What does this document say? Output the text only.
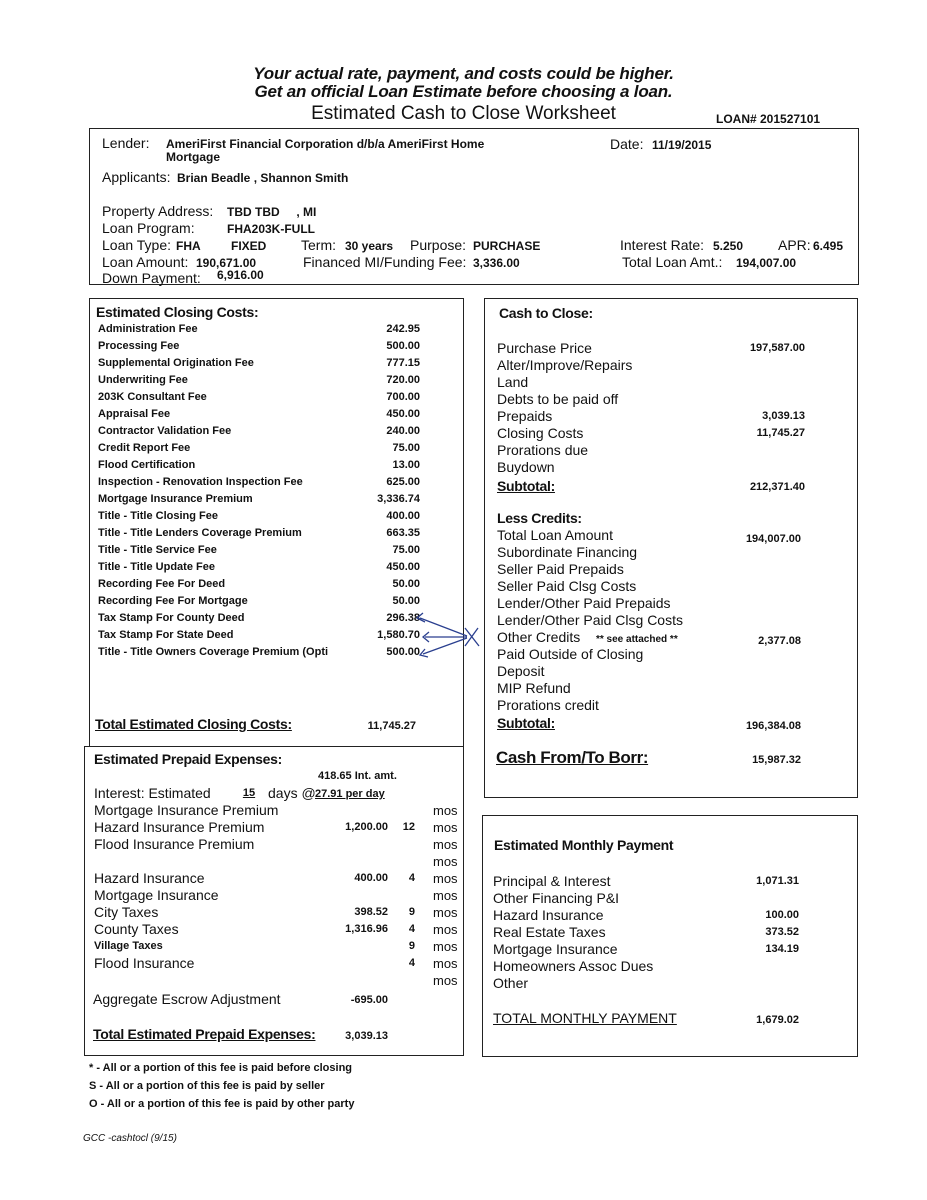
Your actual rate, payment, and costs could be higher.
Get an official Loan Estimate before choosing a loan.
Estimated Cash to Close Worksheet	LOAN# 201527101
Lender: AmeriFirst Financial Corporation d/b/a AmeriFirst Home
Mortgage
Date: 11/19/2015
Applicants: Brian Beadle , Shannon Smith
Property Address: TBD TBD     , MI
Loan Program:	FHA203K-FULL
Loan Type: FHA	FIXED Term: 30 years Purpose: PURCHASE	Interest Rate: 5.250 APR: 6.495
Loan Amount: 190,671.00	Financed MI/Funding Fee: 3,336.00	Total Loan Amt.: 194,007.00
Down Payment: 6,916.00
Estimated Closing Costs:
Administration Fee	242.95
Processing Fee	500.00
Supplemental Origination Fee	777.15
Underwriting Fee	720.00
203K Consultant Fee	700.00
Appraisal Fee	450.00
Contractor Validation Fee	240.00
Credit Report Fee	75.00
Flood Certification	13.00
Inspection - Renovation Inspection Fee	625.00
Mortgage Insurance Premium	3,336.74
Title - Title Closing Fee	400.00
Title - Title Lenders Coverage Premium	663.35
Title - Title Service Fee	75.00
Title - Title Update Fee	450.00
Recording Fee For Deed	50.00
Recording Fee For Mortgage	50.00
Tax Stamp For County Deed	296.38
Tax Stamp For State Deed	1,580.70
Title - Title Owners Coverage Premium (Opti	500.00
Total Estimated Closing Costs:	11,745.27
Estimated Prepaid Expenses:
418.65 Int. amt.
Interest: Estimated	15 days @ 27.91 per day
Mortgage Insurance Premium	mos
Hazard Insurance Premium	1,200.00	12 mos
Flood Insurance Premium	mos
mos
Hazard Insurance	400.00	4 mos
Mortgage Insurance	mos
City Taxes	398.52	9 mos
County Taxes	1,316.96	4 mos
Village Taxes	9 mos
Flood Insurance	4 mos
mos
Aggregate Escrow Adjustment	-695.00
Total Estimated Prepaid Expenses:	3,039.13
Cash to Close:
Purchase Price	197,587.00
Alter/Improve/Repairs
Land
Debts to be paid off
Prepaids	3,039.13
Closing Costs	11,745.27
Prorations due
Buydown
Subtotal:	212,371.40
Less Credits:
Total Loan Amount	194,007.00
Subordinate Financing
Seller Paid Prepaids
Seller Paid Clsg Costs
Lender/Other Paid Prepaids
Lender/Other Paid Clsg Costs
Other Credits	2,377.08
Paid Outside of Closing
Deposit
MIP Refund
Prorations credit
** see attached **
Subtotal:	196,384.08
Cash From/To Borr:	15,987.32
Estimated Monthly Payment
Principal & Interest	1,071.31
Other Financing P&I
Hazard Insurance	100.00
Real Estate Taxes	373.52
Mortgage Insurance	134.19
Homeowners Assoc Dues
Other
TOTAL MONTHLY PAYMENT	1,679.02
* - All or a portion of this fee is paid before closing
S - All or a portion of this fee is paid by seller
O - All or a portion of this fee is paid by other party
GCC -cashtocl (9/15)
